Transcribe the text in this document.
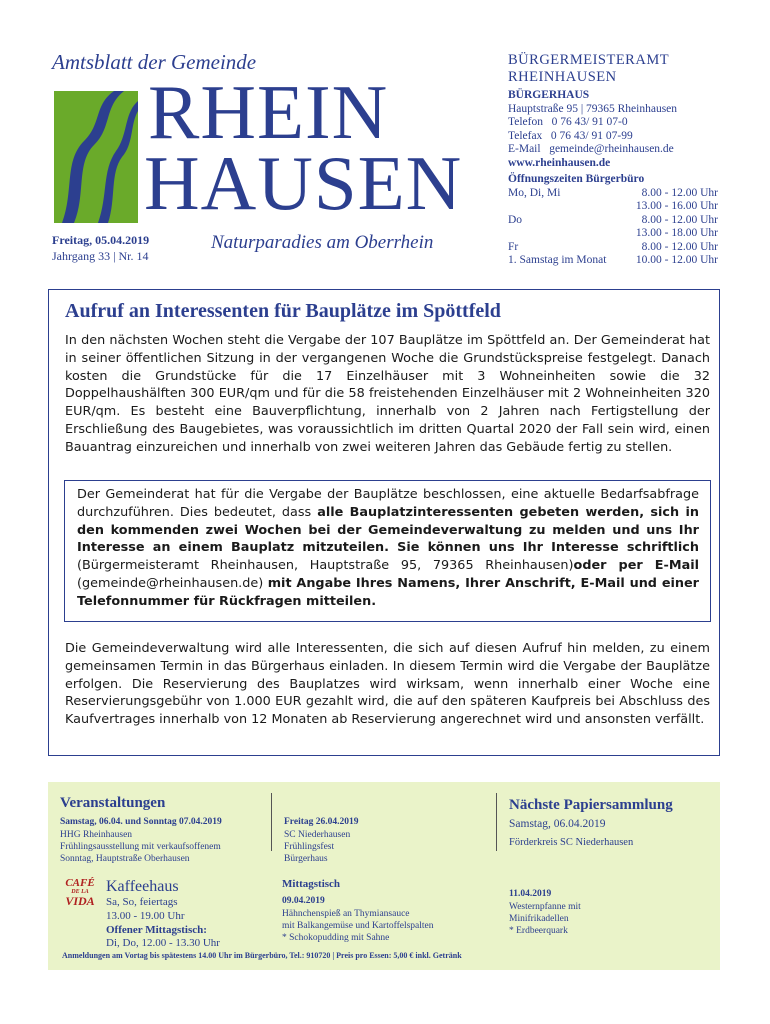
Amtsblatt der Gemeinde
RHEIN
HAUSEN
Naturparadies am Oberrhein
Freitag, 05.04.2019
Jahrgang 33 | Nr. 14
BÜRGERMEISTERAMT
RHEINHAUSEN
BÜRGERHAUS
Hauptstraße 95 | 79365 Rheinhausen
Telefon   0 76 43/ 91 07-0
Telefax   0 76 43/ 91 07-99
E-Mail   gemeinde@rheinhausen.de
www.rheinhausen.de
Öffnungszeiten Bürgerbüro
Mo, Di, Mi	8.00 - 12.00 Uhr
13.00 - 16.00 Uhr
Do	8.00 - 12.00 Uhr
13.00 - 18.00 Uhr
Fr	8.00 - 12.00 Uhr
1. Samstag im Monat	10.00 - 12.00 Uhr
Aufruf an Interessenten für Bauplätze im Spöttfeld
In den nächsten Wochen steht die Vergabe der 107 Bauplätze im Spöttfeld an. Der Gemeinderat hat in seiner öffentlichen Sitzung in der vergangenen Woche die Grundstückspreise festgelegt. Danach kosten die Grundstücke für die 17 Einzelhäuser mit 3 Wohneinheiten sowie die 32 Doppelhaushälften 300 EUR/qm und für die 58 freistehenden Einzelhäuser mit 2 Wohneinheiten 320 EUR/qm. Es besteht eine Bauverpflichtung, innerhalb von 2 Jahren nach Fertigstellung der Erschließung des Baugebietes, was voraussichtlich im dritten Quartal 2020 der Fall sein wird, einen Bauantrag einzureichen und innerhalb von zwei weiteren Jahren das Gebäude fertig zu stellen.
Der Gemeinderat hat für die Vergabe der Bauplätze beschlossen, eine aktuelle Bedarfsabfrage durchzuführen. Dies bedeutet, dass alle Bauplatzinteressenten gebeten werden, sich in den kommenden zwei Wochen bei der Gemeindeverwaltung zu melden und uns Ihr Interesse an einem Bauplatz mitzuteilen. Sie können uns Ihr Interesse schriftlich (Bürgermeisteramt Rheinhausen, Hauptstraße 95, 79365 Rheinhausen)oder per E-Mail (gemeinde@rheinhausen.de) mit Angabe Ihres Namens, Ihrer Anschrift, E-Mail und einer Telefonnummer für Rückfragen mitteilen.
Die Gemeindeverwaltung wird alle Interessenten, die sich auf diesen Aufruf hin melden, zu einem gemeinsamen Termin in das Bürgerhaus einladen. In diesem Termin wird die Vergabe der Bauplätze erfolgen. Die Reservierung des Bauplatzes wird wirksam, wenn innerhalb einer Woche eine Reservierungsgebühr von 1.000 EUR gezahlt wird, die auf den späteren Kaufpreis bei Abschluss des Kaufvertrages innerhalb von 12 Monaten ab Reservierung angerechnet wird und ansonsten verfällt.
Veranstaltungen
Samstag, 06.04. und Sonntag 07.04.2019
HHG Rheinhausen
Frühlingsausstellung mit verkaufsoffenem
Sonntag, Hauptstraße Oberhausen
Freitag 26.04.2019
SC Niederhausen
Frühlingsfest
Bürgerhaus
Nächste Papiersammlung
Samstag, 06.04.2019
Förderkreis SC Niederhausen
CAFÉ
DE LA
VIDA
Kaffeehaus
Sa, So, feiertags
13.00 - 19.00 Uhr
Offener Mittagstisch:
Di, Do, 12.00 - 13.30 Uhr
Mittagstisch
09.04.2019
Hähnchenspieß an Thymiansauce
mit Balkangemüse und Kartoffelspalten
* Schokopudding mit Sahne
11.04.2019
Westernpfanne mit
Minifrikadellen
* Erdbeerquark
Anmeldungen am Vortag bis spätestens 14.00 Uhr im Bürgerbüro, Tel.: 910720 | Preis pro Essen: 5,00 € inkl. Getränk
